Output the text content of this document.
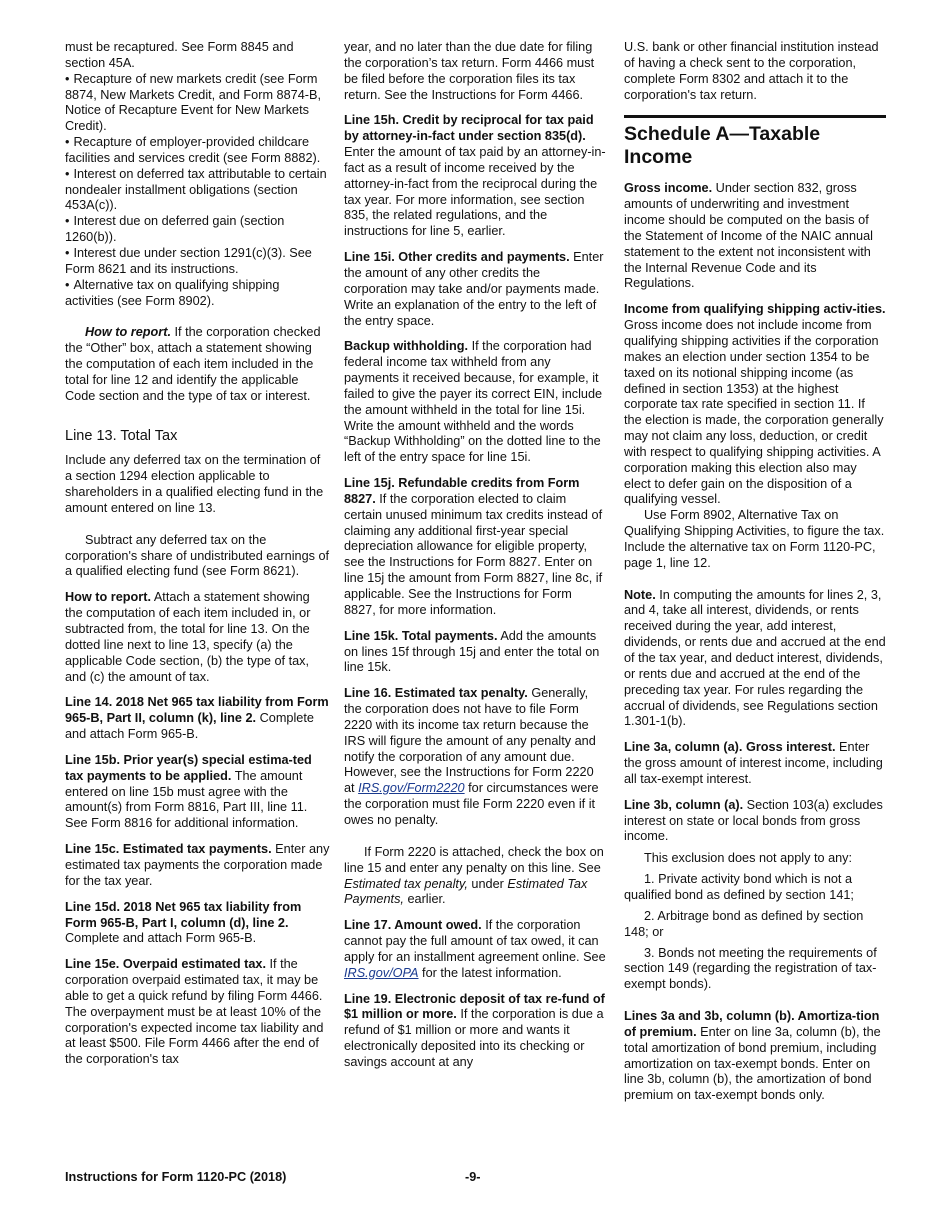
must be recaptured. See Form 8845 and section 45A.

• Recapture of new markets credit (see Form 8874, New Markets Credit, and Form 8874-B, Notice of Recapture Event for New Markets Credit).

• Recapture of employer-provided childcare facilities and services credit (see Form 8882).

• Interest on deferred tax attributable to certain nondealer installment obligations (section 453A(c)).

• Interest due on deferred gain (section 1260(b)).

• Interest due under section 1291(c)(3). See Form 8621 and its instructions.

• Alternative tax on qualifying shipping activities (see Form 8902).

How to report. If the corporation checked the “Other” box, attach a statement showing the computation of each item included in the total for line 12 and identify the applicable Code section and the type of tax or interest.

Line 13. Total Tax

Include any deferred tax on the termination of a section 1294 election applicable to shareholders in a qualified electing fund in the amount entered on line 13.

Subtract any deferred tax on the corporation's share of undistributed earnings of a qualified electing fund (see Form 8621).

How to report. Attach a statement showing the computation of each item included in, or subtracted from, the total for line 13. On the dotted line next to line 13, specify (a) the applicable Code section, (b) the type of tax, and (c) the amount of tax.

Line 14. 2018 Net 965 tax liability from Form 965-B, Part II, column (k), line 2. Complete and attach Form 965-B.

Line 15b. Prior year(s) special estima-ted tax payments to be applied. The amount entered on line 15b must agree with the amount(s) from Form 8816, Part III, line 11. See Form 8816 for additional information.

Line 15c. Estimated tax payments. Enter any estimated tax payments the corporation made for the tax year.

Line 15d. 2018 Net 965 tax liability from Form 965-B, Part I, column (d), line 2. Complete and attach Form 965-B.

Line 15e. Overpaid estimated tax. If the corporation overpaid estimated tax, it may be able to get a quick refund by filing Form 4466. The overpayment must be at least 10% of the corporation's expected income tax liability and at least $500. File Form 4466 after the end of the corporation's tax

year, and no later than the due date for filing the corporation’s tax return. Form 4466 must be filed before the corporation files its tax return. See the Instructions for Form 4466.

Line 15h. Credit by reciprocal for tax paid by attorney-in-fact under section 835(d). Enter the amount of tax paid by an attorney-in-fact as a result of income received by the attorney-in-fact from the reciprocal during the tax year. For more information, see section 835, the related regulations, and the instructions for line 5, earlier.

Line 15i. Other credits and payments. Enter the amount of any other credits the corporation may take and/or payments made. Write an explanation of the entry to the left of the entry space.

Backup withholding. If the corporation had federal income tax withheld from any payments it received because, for example, it failed to give the payer its correct EIN, include the amount withheld in the total for line 15i. Write the amount withheld and the words “Backup Withholding” on the dotted line to the left of the entry space for line 15i.

Line 15j. Refundable credits from Form 8827. If the corporation elected to claim certain unused minimum tax credits instead of claiming any additional first-year special depreciation allowance for eligible property, see the Instructions for Form 8827. Enter on line 15j the amount from Form 8827, line 8c, if applicable. See the Instructions for Form 8827, for more information.

Line 15k. Total payments. Add the amounts on lines 15f through 15j and enter the total on line 15k.

Line 16. Estimated tax penalty. Generally, the corporation does not have to file Form 2220 with its income tax return because the IRS will figure the amount of any penalty and notify the corporation of any amount due. However, see the Instructions for Form 2220 at IRS.gov/Form2220 for circumstances were the corporation must file Form 2220 even if it owes no penalty.

If Form 2220 is attached, check the box on line 15 and enter any penalty on this line. See Estimated tax penalty, under Estimated Tax Payments, earlier.

Line 17. Amount owed. If the corporation cannot pay the full amount of tax owed, it can apply for an installment agreement online. See IRS.gov/OPA for the latest information.

Line 19. Electronic deposit of tax re-fund of $1 million or more. If the corporation is due a refund of $1 million or more and wants it electronically deposited into its checking or savings account at any

U.S. bank or other financial institution instead of having a check sent to the corporation, complete Form 8302 and attach it to the corporation's tax return.

Schedule A—Taxable Income

Gross income. Under section 832, gross amounts of underwriting and investment income should be computed on the basis of the Statement of Income of the NAIC annual statement to the extent not inconsistent with the Internal Revenue Code and its Regulations.

Income from qualifying shipping activ-ities. Gross income does not include income from qualifying shipping activities if the corporation makes an election under section 1354 to be taxed on its notional shipping income (as defined in section 1353) at the highest corporate tax rate specified in section 11. If the election is made, the corporation generally may not claim any loss, deduction, or credit with respect to qualifying shipping activities. A corporation making this election also may elect to defer gain on the disposition of a qualifying vessel.

Use Form 8902, Alternative Tax on Qualifying Shipping Activities, to figure the tax. Include the alternative tax on Form 1120-PC, page 1, line 12.

Note. In computing the amounts for lines 2, 3, and 4, take all interest, dividends, or rents received during the year, add interest, dividends, or rents due and accrued at the end of the tax year, and deduct interest, dividends, or rents due and accrued at the end of the preceding tax year. For rules regarding the accrual of dividends, see Regulations section 1.301-1(b).

Line 3a, column (a). Gross interest. Enter the gross amount of interest income, including all tax-exempt interest.

Line 3b, column (a). Section 103(a) excludes interest on state or local bonds from gross income.

This exclusion does not apply to any:

1. Private activity bond which is not a qualified bond as defined by section 141;

2. Arbitrage bond as defined by section 148; or

3. Bonds not meeting the requirements of section 149 (regarding the registration of tax-exempt bonds).

Lines 3a and 3b, column (b). Amortiza-tion of premium. Enter on line 3a, column (b), the total amortization of bond premium, including amortization on tax-exempt bonds. Enter on line 3b, column (b), the amortization of bond premium on tax-exempt bonds only.

Instructions for Form 1120-PC (2018)	-9-
